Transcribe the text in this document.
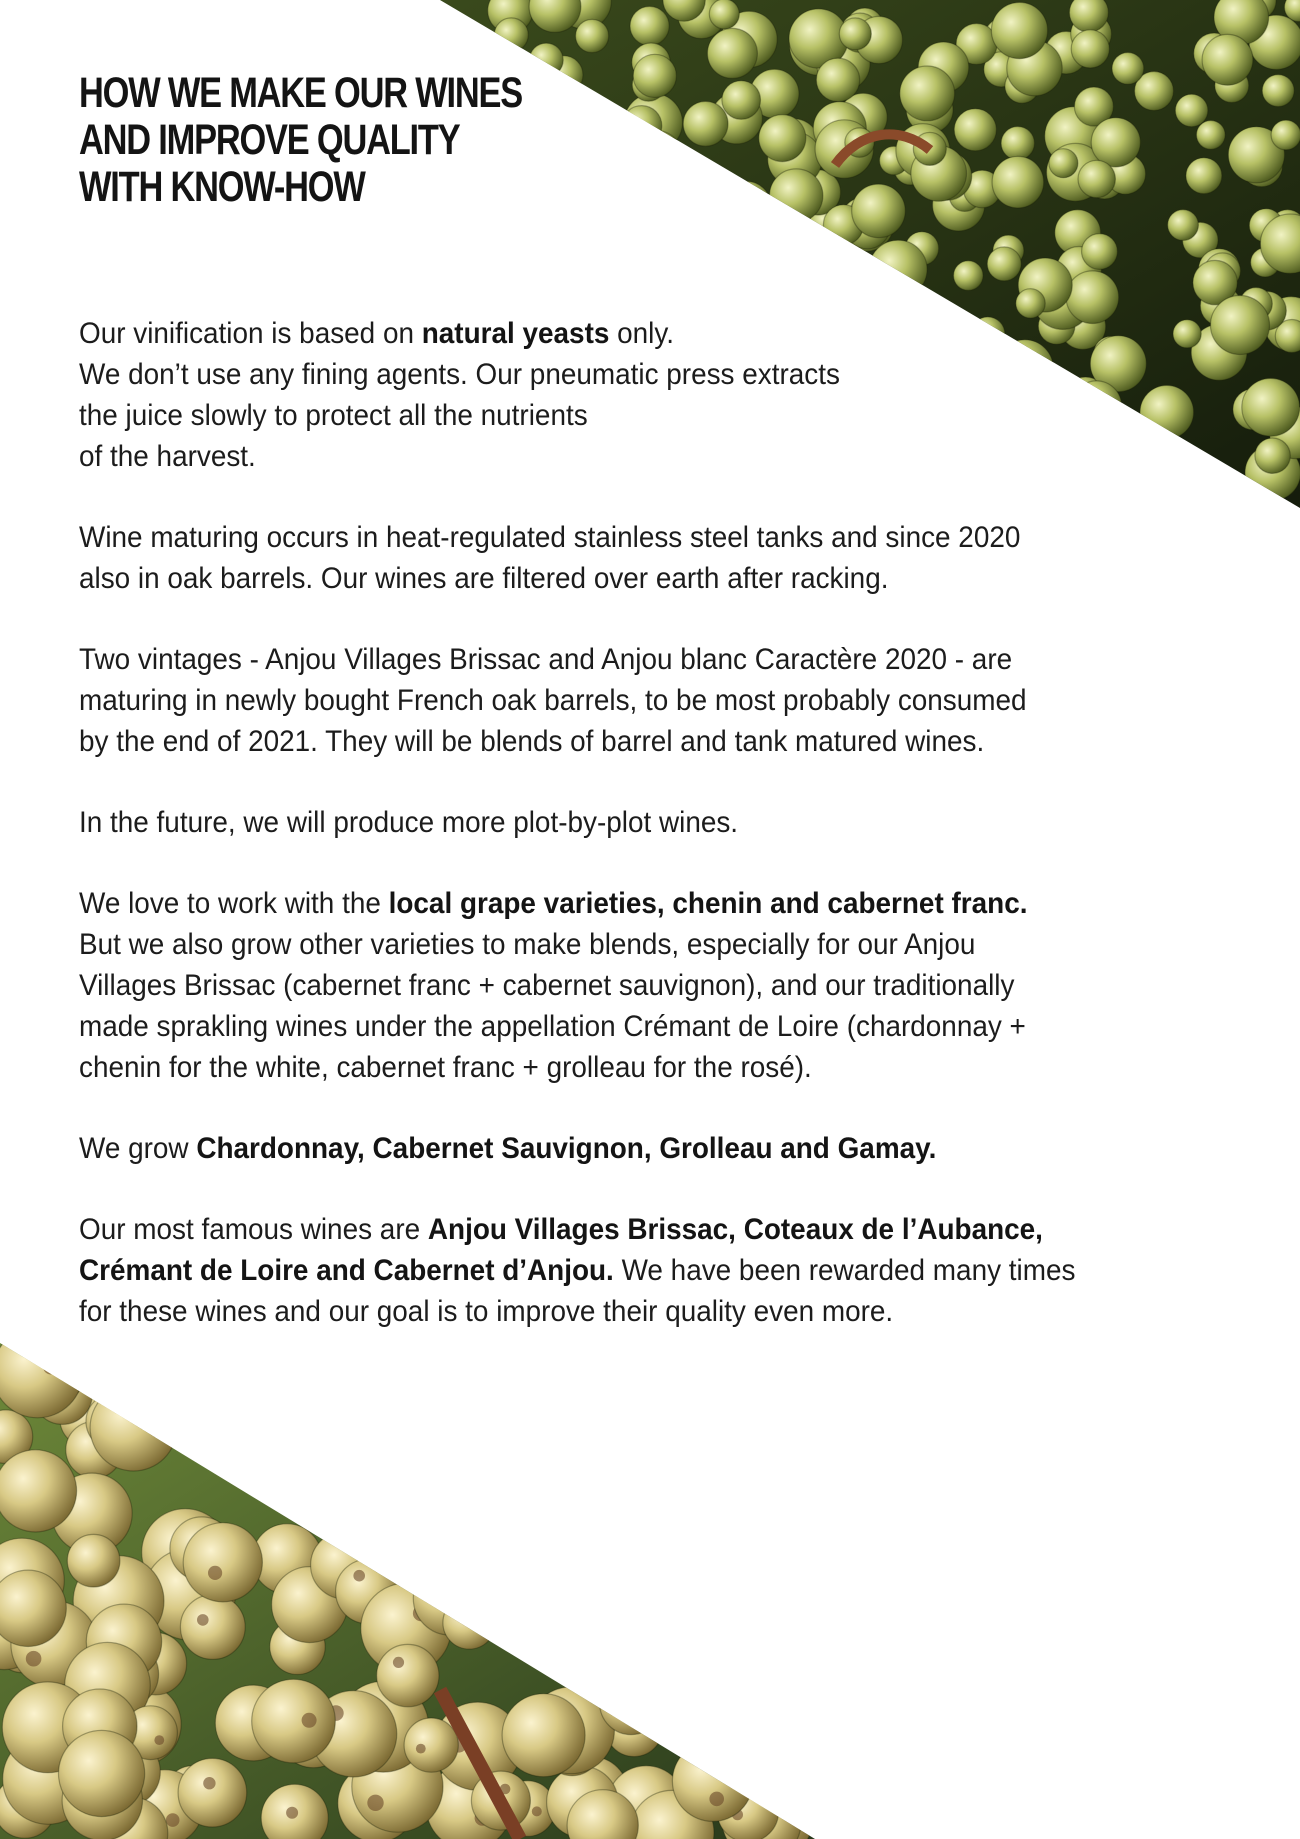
HOW WE MAKE OUR WINES
AND IMPROVE QUALITY
WITH KNOW-HOW

Our vinification is based on natural yeasts only.
We don’t use any fining agents. Our pneumatic press extracts
the juice slowly to protect all the nutrients
of the harvest.

Wine maturing occurs in heat-regulated stainless steel tanks and since 2020
also in oak barrels. Our wines are filtered over earth after racking.

Two vintages - Anjou Villages Brissac and Anjou blanc Caractère 2020 - are
maturing in newly bought French oak barrels, to be most probably consumed
by the end of 2021. They will be blends of barrel and tank matured wines.

In the future, we will produce more plot-by-plot wines.

We love to work with the local grape varieties, chenin and cabernet franc.
But we also grow other varieties to make blends, especially for our Anjou
Villages Brissac (cabernet franc + cabernet sauvignon), and our traditionally
made sprakling wines under the appellation Crémant de Loire (chardonnay +
chenin for the white, cabernet franc + grolleau for the rosé).

We grow Chardonnay, Cabernet Sauvignon, Grolleau and Gamay.

Our most famous wines are Anjou Villages Brissac, Coteaux de l’Aubance,
Crémant de Loire and Cabernet d’Anjou. We have been rewarded many times
for these wines and our goal is to improve their quality even more.
